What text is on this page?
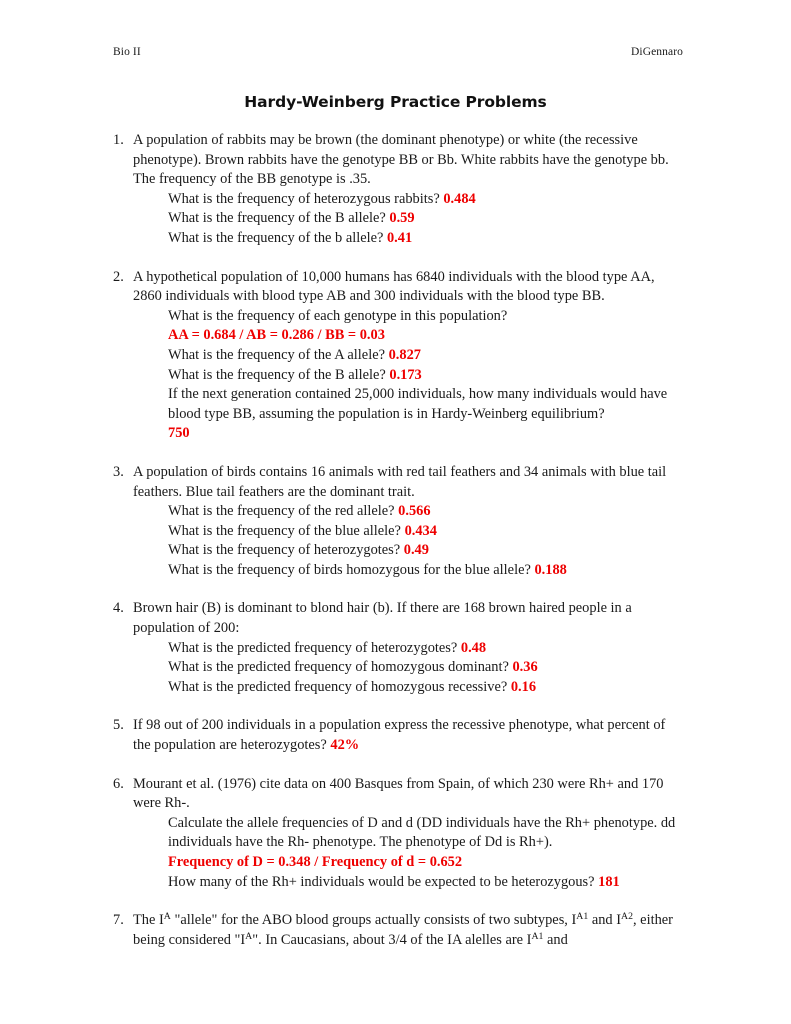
Bio II	DiGennaro
Hardy-Weinberg Practice Problems
1. A population of rabbits may be brown (the dominant phenotype) or white (the recessive phenotype). Brown rabbits have the genotype BB or Bb. White rabbits have the genotype bb. The frequency of the BB genotype is .35.

What is the frequency of heterozygous rabbits? 0.484
What is the frequency of the B allele? 0.59
What is the frequency of the b allele? 0.41
2. A hypothetical population of 10,000 humans has 6840 individuals with the blood type AA, 2860 individuals with blood type AB and 300 individuals with the blood type BB.

What is the frequency of each genotype in this population?
AA = 0.684 / AB = 0.286 / BB = 0.03
What is the frequency of the A allele? 0.827
What is the frequency of the B allele? 0.173
If the next generation contained 25,000 individuals, how many individuals would have blood type BB, assuming the population is in Hardy-Weinberg equilibrium?
750
3. A population of birds contains 16 animals with red tail feathers and 34 animals with blue tail feathers. Blue tail feathers are the dominant trait.

What is the frequency of the red allele? 0.566
What is the frequency of the blue allele? 0.434
What is the frequency of heterozygotes? 0.49
What is the frequency of birds homozygous for the blue allele? 0.188
4. Brown hair (B) is dominant to blond hair (b). If there are 168 brown haired people in a population of 200:

What is the predicted frequency of heterozygotes? 0.48
What is the predicted frequency of homozygous dominant? 0.36
What is the predicted frequency of homozygous recessive? 0.16
5. If 98 out of 200 individuals in a population express the recessive phenotype, what percent of the population are heterozygotes? 42%

6. Mourant et al. (1976) cite data on 400 Basques from Spain, of which 230 were Rh+ and 170 were Rh-.

Calculate the allele frequencies of D and d (DD individuals have the Rh+ phenotype. dd individuals have the Rh- phenotype. The phenotype of Dd is Rh+).
Frequency of D = 0.348 / Frequency of d = 0.652
How many of the Rh+ individuals would be expected to be heterozygous? 181
7. The $I^A$ "allele" for the ABO blood groups actually consists of two subtypes, $I^{A1}$ and $I^{A2}$, either being considered "$I^A$". In Caucasians, about 3/4 of the IA alelles are $I^{A1}$ and
